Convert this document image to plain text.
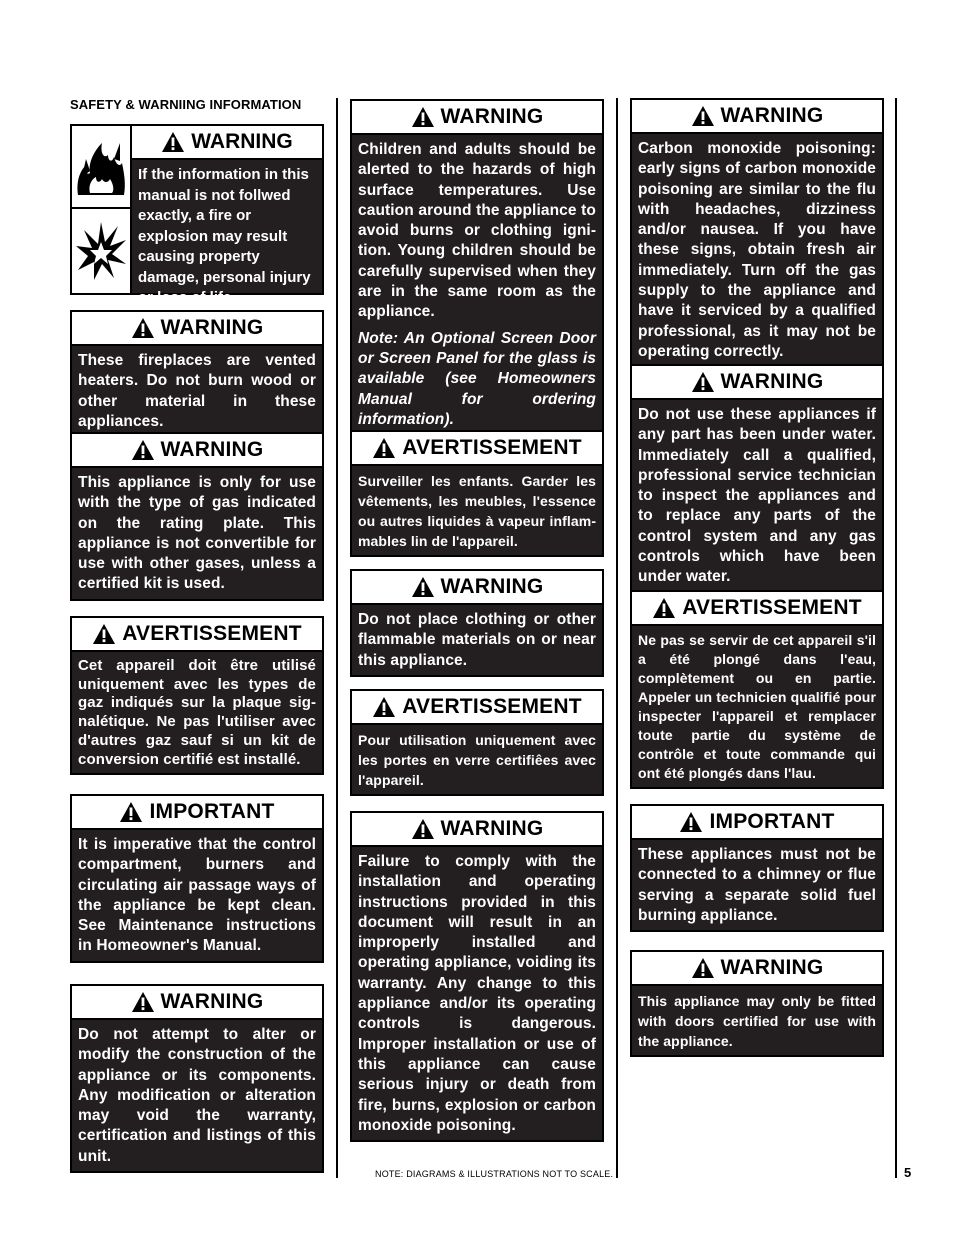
SAFETY & WARNIING INFORMATION
WARNING
If the information in this manual is not follwed exactly, a fire or explosion may result causing property damage, personal injury or loss of life.
WARNING
These fireplaces are vented heaters. Do not burn wood or other material in these appliances.
WARNING
This appliance is only for use with the type of gas indicated on the rating plate. This appliance is not convertible for use with other gases, unless a certified kit is used.
AVERTISSEMENT
Cet appareil doit être utilisé uniquement avec les types de gaz indiqués sur la plaque signalétique. Ne pas l'utiliser avec d'autres gaz sauf si un kit de conversion certifié est installé.
IMPORTANT
It is imperative that the control compartment, burners and circulating air passage ways of the appliance be kept clean. See Maintenance instructions in Homeowner's Manual.
WARNING
Do not attempt to alter or modify the construction of the appliance or its components. Any modification or alteration may void the warranty, certification and listings of this unit.
WARNING
Children and adults should be alerted to the hazards of high surface temperatures. Use caution around the appliance to avoid burns or clothing ignition. Young children should be carefully supervised when they are in the same room as the appliance.
Note: An Optional Screen Door or Screen Panel for the glass is available (see Homeowners Manual for ordering information).
AVERTISSEMENT
Surveiller les enfants. Garder les vêtements, les meubles, l'essence ou autres liquides à vapeur inflammables lin de l'appareil.
WARNING
Do not place clothing or other flammable materials on or near this appliance.
AVERTISSEMENT
Pour utilisation uniquement avec les portes en verre certifiêes avec l'appareil.
WARNING
Failure to comply with the installation and operating instructions provided in this document will result in an improperly installed and operating appliance, voiding its warranty. Any change to this appliance and/or its operating controls is dangerous. Improper installation or use of this appliance can cause serious injury or death from fire, burns, explosion or carbon monoxide poisoning.
WARNING
Carbon monoxide poisoning: early signs of carbon monoxide poisoning are similar to the flu with headaches, dizziness and/or nausea. If you have these signs, obtain fresh air immediately. Turn off the gas supply to the appliance and have it serviced by a qualified professional, as it may not be operating correctly.
WARNING
Do not use these appliances if any part has been under water. Immediately call a qualified, professional service technician to inspect the appliances and to replace any parts of the control system and any gas controls which have been under water.
AVERTISSEMENT
Ne pas se servir de cet appareil s'il a été plongé dans l'eau, complètement ou en partie. Appeler un technicien qualifié pour inspecter l'appareil et remplacer toute partie du système de contrôle et toute commande qui ont été plongés dans l'lau.
IMPORTANT
These appliances must not be connected to a chimney or flue serving a separate solid fuel burning appliance.
WARNING
This appliance may only be fitted with doors certified for use with the appliance.
NOTE: DIAGRAMS & ILLUSTRATIONS NOT TO SCALE.	5
